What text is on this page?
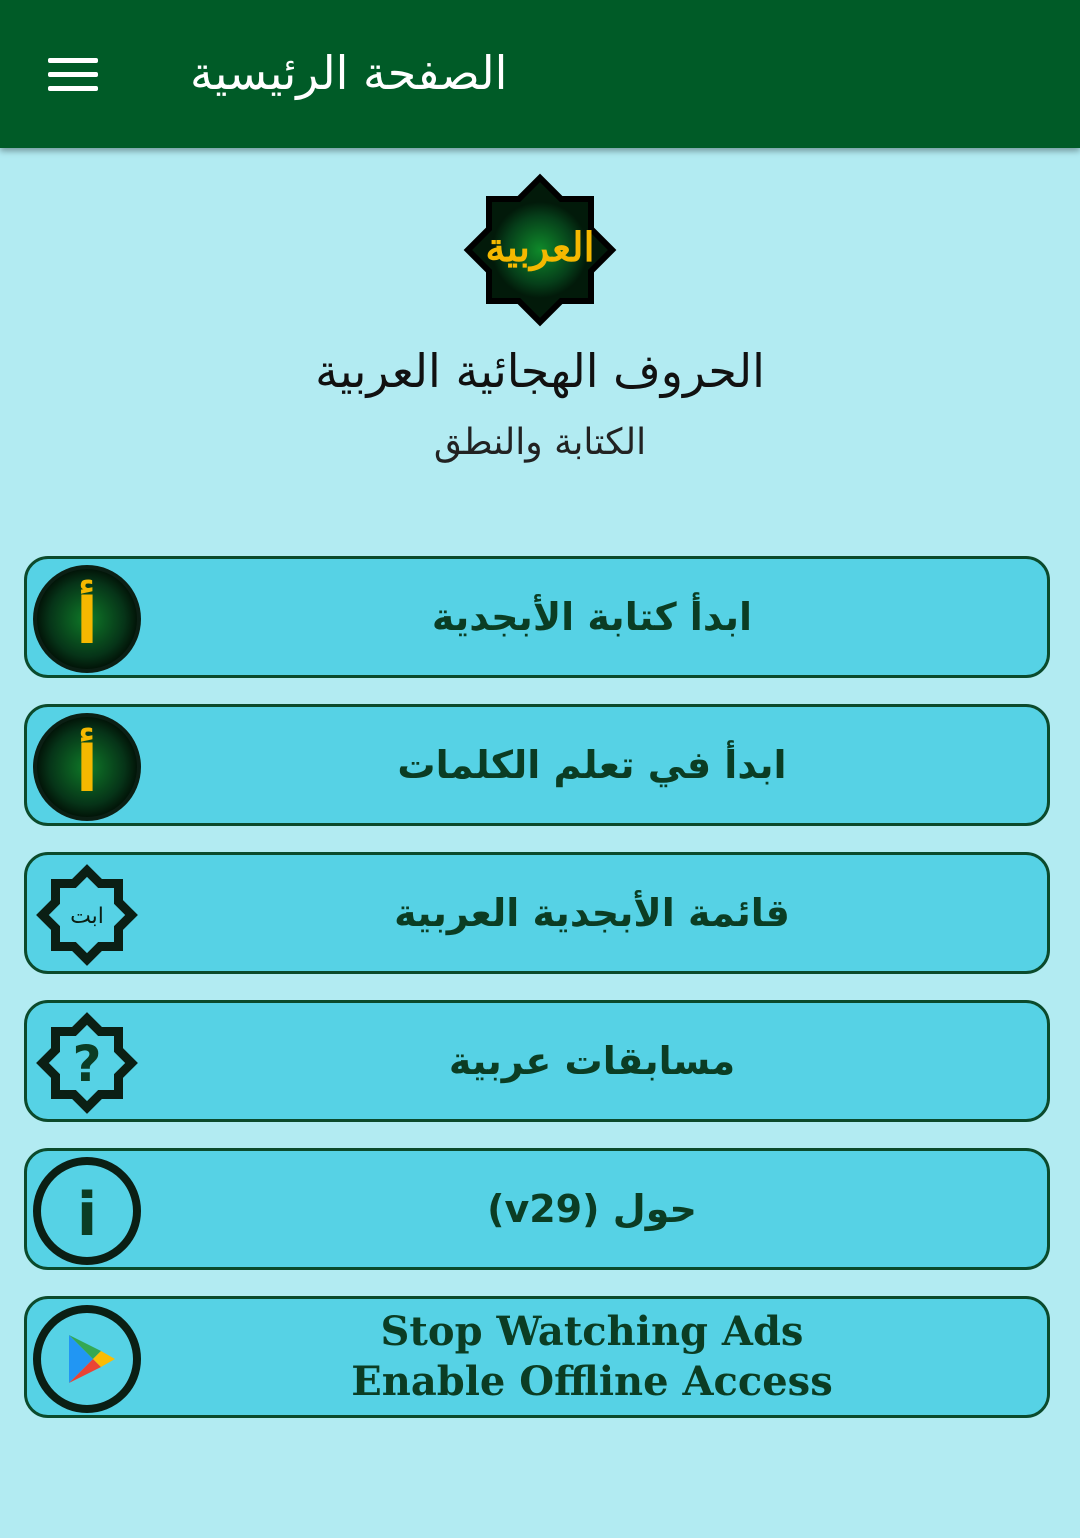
الصفحة الرئيسية
العربية
الحروف الهجائية العربية
الكتابة والنطق
أ	ابدأ كتابة الأبجدية
أ	ابدأ في تعلم الكلمات
ابت	قائمة الأبجدية العربية
?	مسابقات عربية
i	حول (v29)
Stop Watching Ads
Enable Offline Access
